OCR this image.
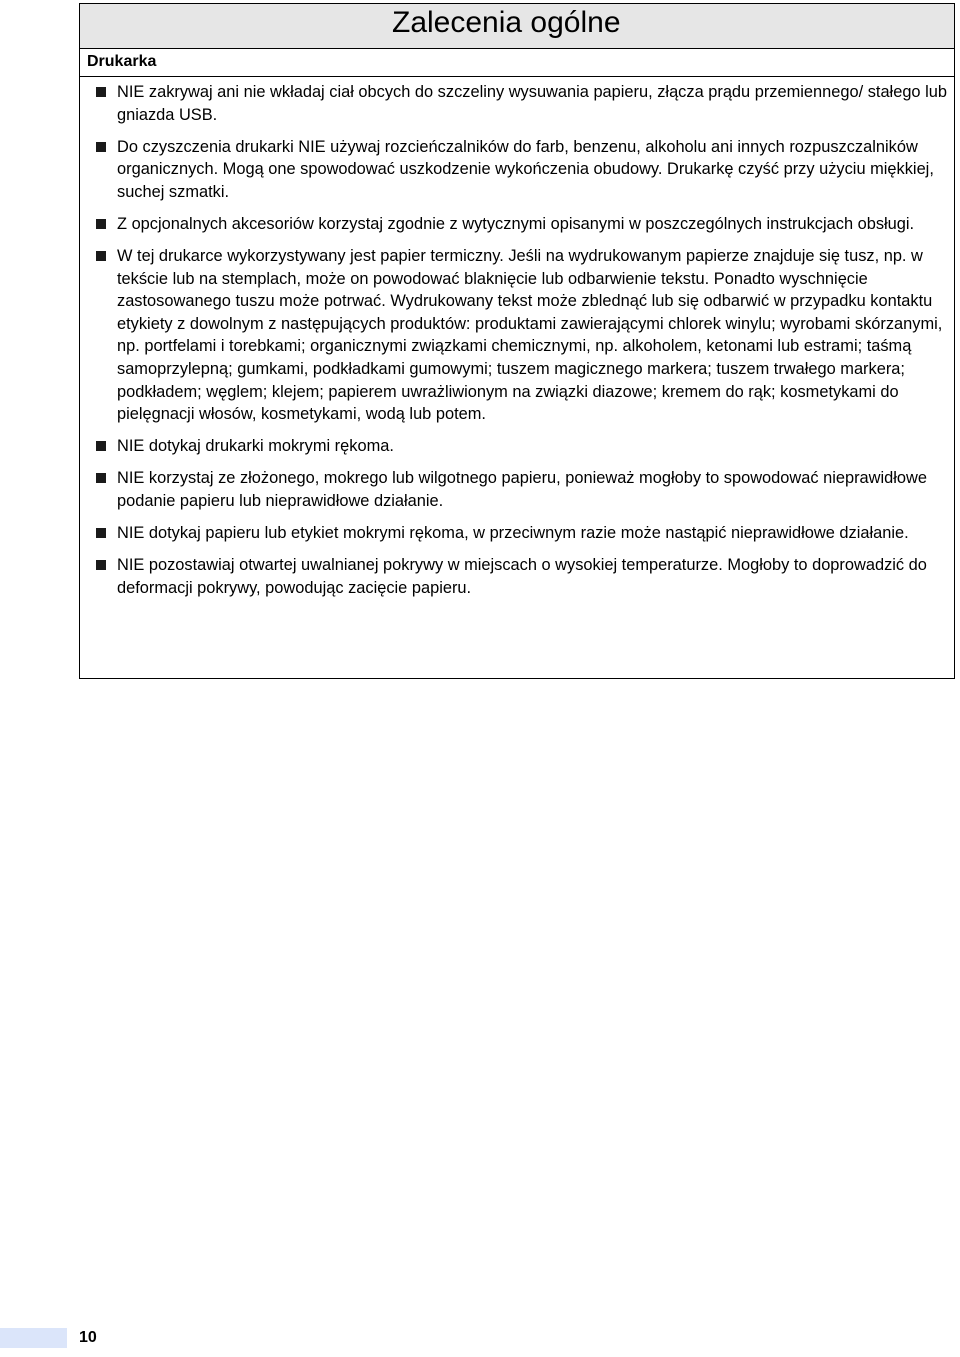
Zalecenia ogólne
Drukarka
NIE zakrywaj ani nie wkładaj ciał obcych do szczeliny wysuwania papieru, złącza prądu przemiennego/ stałego lub gniazda USB.
Do czyszczenia drukarki NIE używaj rozcieńczalników do farb, benzenu, alkoholu ani innych rozpuszczalników organicznych. Mogą one spowodować uszkodzenie wykończenia obudowy. Drukarkę czyść przy użyciu miękkiej, suchej szmatki.
Z opcjonalnych akcesoriów korzystaj zgodnie z wytycznymi opisanymi w poszczególnych instrukcjach obsługi.
W tej drukarce wykorzystywany jest papier termiczny. Jeśli na wydrukowanym papierze znajduje się tusz, np. w tekście lub na stemplach, może on powodować blaknięcie lub odbarwienie tekstu. Ponadto wyschnięcie zastosowanego tuszu może potrwać. Wydrukowany tekst może zblednąć lub się odbarwić w przypadku kontaktu etykiety z dowolnym z następujących produktów: produktami zawierającymi chlorek winylu; wyrobami skórzanymi, np. portfelami i torebkami; organicznymi związkami chemicznymi, np. alkoholem, ketonami lub estrami; taśmą samoprzylepną; gumkami, podkładkami gumowymi; tuszem magicznego markera; tuszem trwałego markera; podkładem; węglem; klejem; papierem uwrażliwionym na związki diazowe; kremem do rąk; kosmetykami do pielęgnacji włosów, kosmetykami, wodą lub potem.
NIE dotykaj drukarki mokrymi rękoma.
NIE korzystaj ze złożonego, mokrego lub wilgotnego papieru, ponieważ mogłoby to spowodować nieprawidłowe podanie papieru lub nieprawidłowe działanie.
NIE dotykaj papieru lub etykiet mokrymi rękoma, w przeciwnym razie może nastąpić nieprawidłowe działanie.
NIE pozostawiaj otwartej uwalnianej pokrywy w miejscach o wysokiej temperaturze. Mogłoby to doprowadzić do deformacji pokrywy, powodując zacięcie papieru.
10
